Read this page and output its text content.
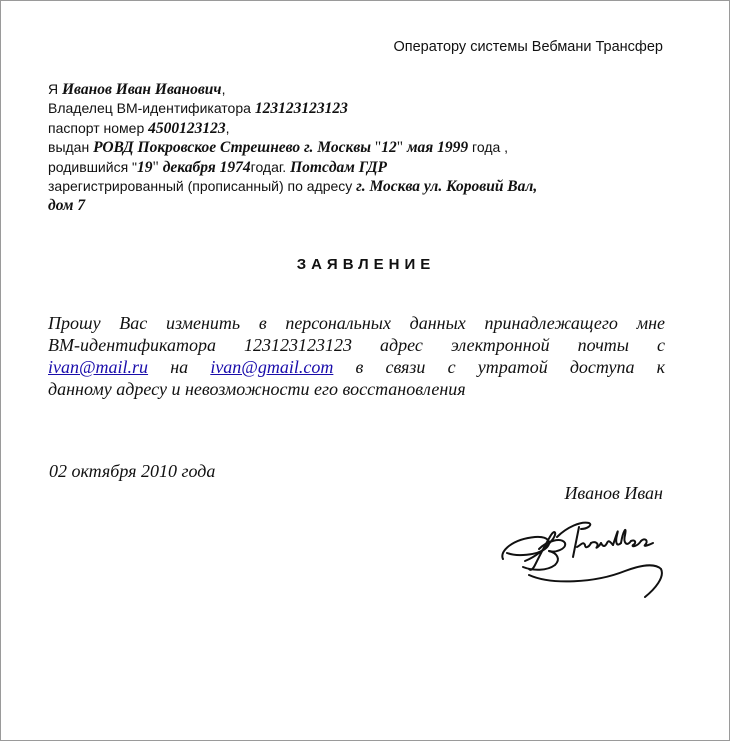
Оператору системы Вебмани Трансфер
Я Иванов Иван Иванович,
Владелец ВМ-идентификатора 123123123123
паспорт номер 4500123123,
выдан РОВД Покровское Стрешнево г. Москвы "12" мая 1999 года ,
родившийся "19" декабря 1974годаг. Потсдам ГДР
зарегистрированный (прописанный) по адресу г. Москва ул. Коровий Вал,
дом 7
ЗАЯВЛЕНИЕ
Прошу Вас изменить в персональных данных принадлежащего мне
ВМ-идентификатора 123123123123 адрес электронной почты с
ivan@mail.ru на ivan@gmail.com в связи с утратой доступа к
данному адресу и невозможности его восстановления
02 октября 2010 года
Иванов Иван
